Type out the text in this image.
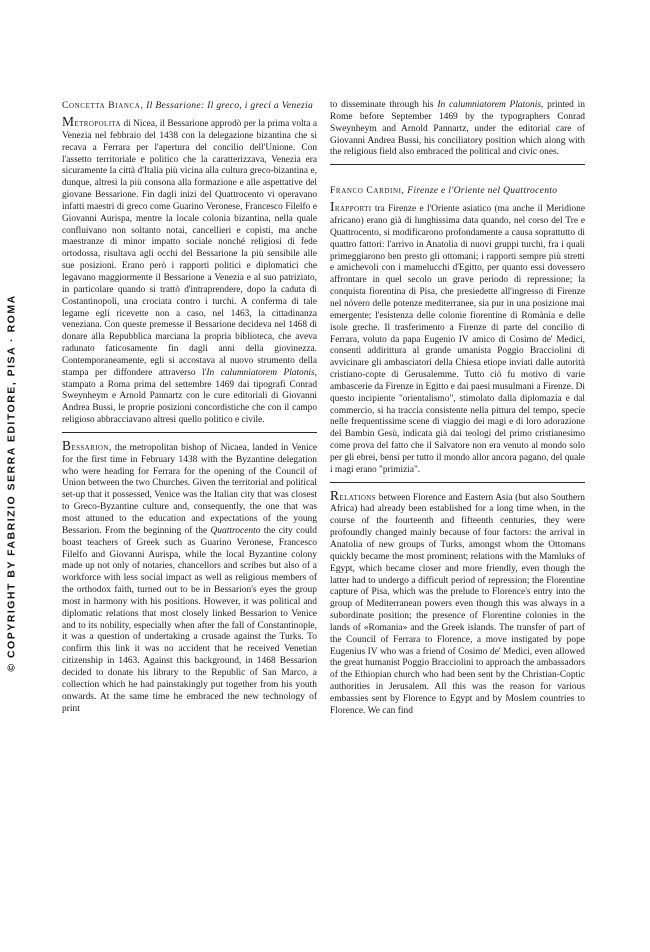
© COPYRIGHT BY FABRIZIO SERRA EDITORE, PISA · ROMA
Concetta Bianca, Il Bessarione: Il greco, i greci a Venezia

Metropolita di Nicea, il Bessarione approdò per la prima volta a Venezia nel febbraio del 1438 con la delegazione bizantina che si recava a Ferrara per l'apertura del concilio dell'Unione. Con l'assetto territoriale e politico che la caratterizzava, Venezia era sicuramente la città d'Italia più vicina alla cultura greco-bizantina e, dunque, altresì la più consona alla formazione e alle aspettative del giovane Bessarione. Fin dagli inizi del Quattrocento vi operavano infatti maestri di greco come Guarino Veronese, Francesco Filelfo e Giovanni Aurispa, mentre la locale colonia bizantina, nella quale confluivano non soltanto notai, cancellieri e copisti, ma anche maestranze di minor impatto sociale nonché religiosi di fede ortodossa, risultava agli occhi del Bessarione la più sensibile alle sue posizioni. Erano però i rapporti politici e diplomatici che legavano maggiormente il Bessarione a Venezia e al suo patriziato, in particolare quando si trattò d'intraprendere, dopo la caduta di Costantinopoli, una crociata contro i turchi. A conferma di tale legame egli ricevette non a caso, nel 1463, la cittadinanza veneziana. Con queste premesse il Bessarione decideva nel 1468 di donare alla Repubblica marciana la propria biblioteca, che aveva radunato faticosamente fin dagli anni della giovinezza. Contemporaneamente, egli si accostava al nuovo strumento della stampa per diffondere attraverso l'In calumniatorem Platonis, stampato a Roma prima del settembre 1469 dai tipografi Conrad Sweynheym e Arnold Pannartz con le cure editoriali di Giovanni Andrea Bussi, le proprie posizioni concordistiche che con il campo religioso abbracciavano altresì quello politico e civile.

Bessarion, the metropolitan bishop of Nicaea, landed in Venice for the first time in February 1438 with the Byzantine delegation who were heading for Ferrara for the opening of the Council of Union between the two Churches. Given the territorial and political set-up that it possessed, Venice was the Italian city that was closest to Greco-Byzantine culture and, consequently, the one that was most attuned to the education and expectations of the young Bessarion. From the beginning of the Quattrocento the city could boast teachers of Greek such as Guarino Veronese, Francesco Filelfo and Giovanni Aurispa, while the local Byzantine colony made up not only of notaries, chancellors and scribes but also of a workforce with less social impact as well as religious members of the orthodox faith, turned out to be in Bessarion's eyes the group most in harmony with his positions. However, it was political and diplomatic relations that most closely linked Bessarion to Venice and to its nobility, especially when after the fall of Constantinople, it was a question of undertaking a crusade against the Turks. To confirm this link it was no accident that he received Venetian citizenship in 1463. Against this background, in 1468 Bessarion decided to donate his library to the Republic of San Marco, a collection which he had painstakingly put together from his youth onwards. At the same time he embraced the new technology of print

to disseminate through his In calumniatorem Platonis, printed in Rome before September 1469 by the typographers Conrad Sweynheym and Arnold Pannartz, under the editorial care of Giovanni Andrea Bussi, his conciliatory position which along with the religious field also embraced the political and civic ones.

Franco Cardini, Firenze e l'Oriente nel Quattrocento

Irapporti tra Firenze e l'Oriente asiatico (ma anche il Meridione africano) erano già di lunghissima data quando, nel corso del Tre e Quattrocento, si modificarono profondamente a causa soprattutto di quattro fattori: l'arrivo in Anatolia di nuovi gruppi turchi, fra i quali primeggiarono ben presto gli ottomani; i rapporti sempre più stretti e amichevoli con i mamelucchi d'Egitto, per quanto essi dovessero affrontare in quel secolo un grave periodo di repressione; la conquista fiorentina di Pisa, che presiedette all'ingresso di Firenze nel nóvero delle potenze mediterranee, sia pur in una posizione mai emergente; l'esistenza delle colonie fiorentine di Romània e delle isole greche. Il trasferimento a Firenze di parte del concilio di Ferrara, voluto da papa Eugenio IV amico di Cosimo de' Medici, consentì addirittura al grande umanista Poggio Bracciolini di avvicinare gli ambasciatori della Chiesa etiope inviati dalle autorità cristiano-copte di Gerusalemme. Tutto ciò fu motivo di varie ambascerie da Firenze in Egitto e dai paesi musulmani a Firenze. Di questo incipiente "orientalismo", stimolato dalla diplomazia e dal commercio, si ha traccia consistente nella pittura del tempo, specie nelle frequentissime scene di viaggio dei magi e di loro adorazione del Bambin Gesù, indicata già dai teologi del primo cristianesimo come prova del fatto che il Salvatore non era venuto al mondo solo per gli ebrei, bensì per tutto il mondo allor ancora pagano, del quale i magi erano "primizia".

Relations between Florence and Eastern Asia (but also Southern Africa) had already been established for a long time when, in the course of the fourteenth and fifteenth centuries, they were profoundly changed mainly because of four factors: the arrival in Anatolia of new groups of Turks, amongst whom the Ottomans quickly became the most prominent; relations with the Mamluks of Egypt, which became closer and more friendly, even though the latter had to undergo a difficult period of repression; the Florentine capture of Pisa, which was the prelude to Florence's entry into the group of Mediterranean powers even though this was always in a subordinate position; the presence of Florentine colonies in the lands of «Romania» and the Greek islands. The transfer of part of the Council of Ferrara to Florence, a move instigated by pope Eugenius IV who was a friend of Cosimo de' Medici, even allowed the great humanist Poggio Bracciolini to approach the ambassadors of the Ethiopian church who had been sent by the Christian-Coptic authorities in Jerusalem. All this was the reason for various embassies sent by Florence to Egypt and by Moslem countries to Florence. We can find
